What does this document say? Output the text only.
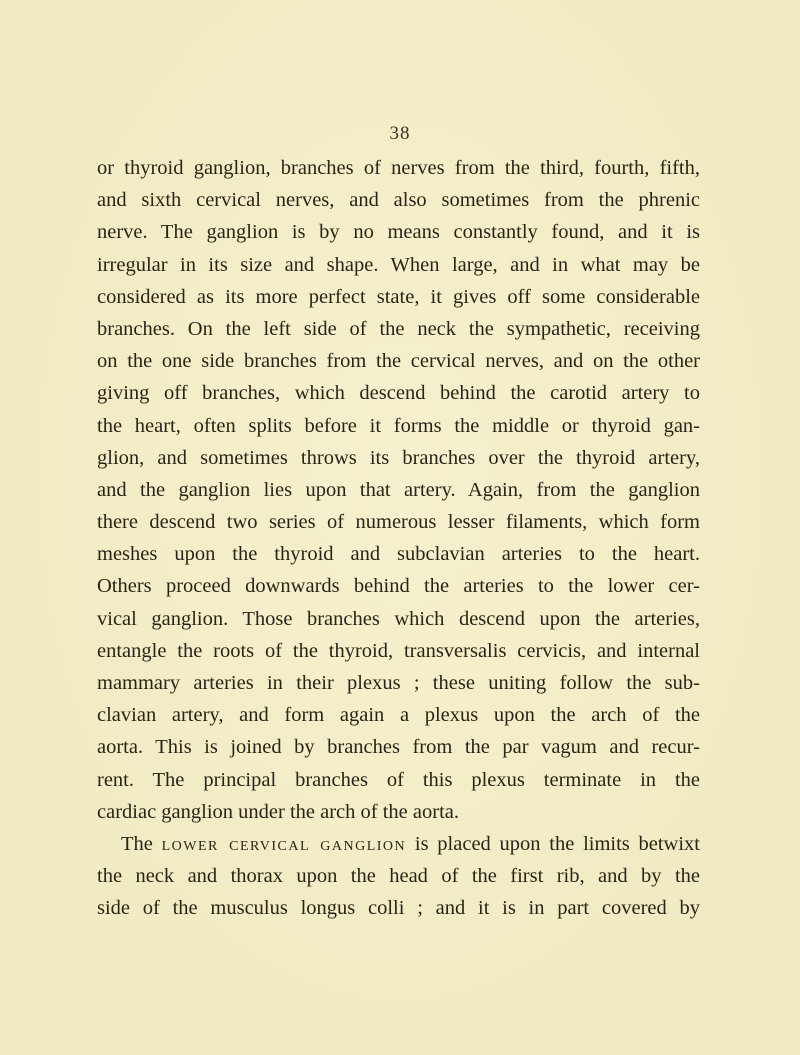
38
or thyroid ganglion, branches of nerves from the third, fourth, fifth,
and sixth cervical nerves, and also sometimes from the phrenic
nerve. The ganglion is by no means constantly found, and it is
irregular in its size and shape. When large, and in what may be
considered as its more perfect state, it gives off some considerable
branches. On the left side of the neck the sympathetic, receiving
on the one side branches from the cervical nerves, and on the other
giving off branches, which descend behind the carotid artery to
the heart, often splits before it forms the middle or thyroid gan-
glion, and sometimes throws its branches over the thyroid artery,
and the ganglion lies upon that artery. Again, from the ganglion
there descend two series of numerous lesser filaments, which form
meshes upon the thyroid and subclavian arteries to the heart.
Others proceed downwards behind the arteries to the lower cer-
vical ganglion. Those branches which descend upon the arteries,
entangle the roots of the thyroid, transversalis cervicis, and internal
mammary arteries in their plexus ; these uniting follow the sub-
clavian artery, and form again a plexus upon the arch of the
aorta. This is joined by branches from the par vagum and recur-
rent. The principal branches of this plexus terminate in the
cardiac ganglion under the arch of the aorta.
The lower cervical ganglion is placed upon the limits betwixt
the neck and thorax upon the head of the first rib, and by the
side of the musculus longus colli ; and it is in part covered by
